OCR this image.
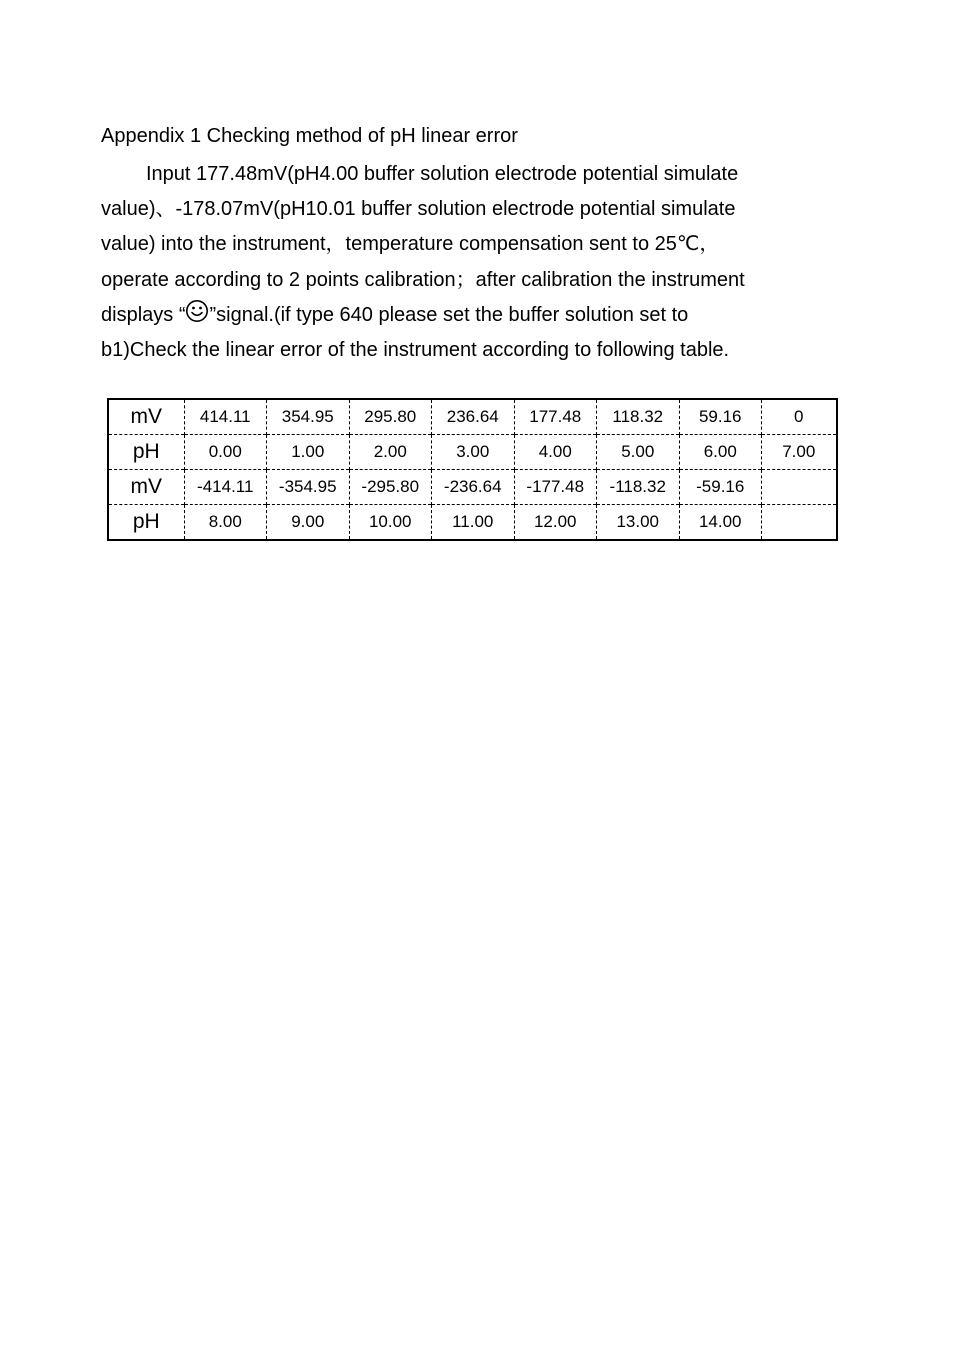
Appendix 1 Checking method of pH linear error
Input 177.48mV(pH4.00 buffer solution electrode potential simulate
value)、-178.07mV(pH10.01 buffer solution electrode potential simulate
value) into the instrument，temperature compensation sent to 25℃，
operate according to 2 points calibration；after calibration the instrument
displays “ ”signal.(if type 640 please set the buffer solution set to
b1)Check the linear error of the instrument according to following table.
mV	414.11	354.95	295.80	236.64	177.48	118.32	59.16	0
pH	0.00	1.00	2.00	3.00	4.00	5.00	6.00	7.00
mV	-414.11	-354.95	-295.80	-236.64	-177.48	-118.32	-59.16	
pH	8.00	9.00	10.00	11.00	12.00	13.00	14.00	
